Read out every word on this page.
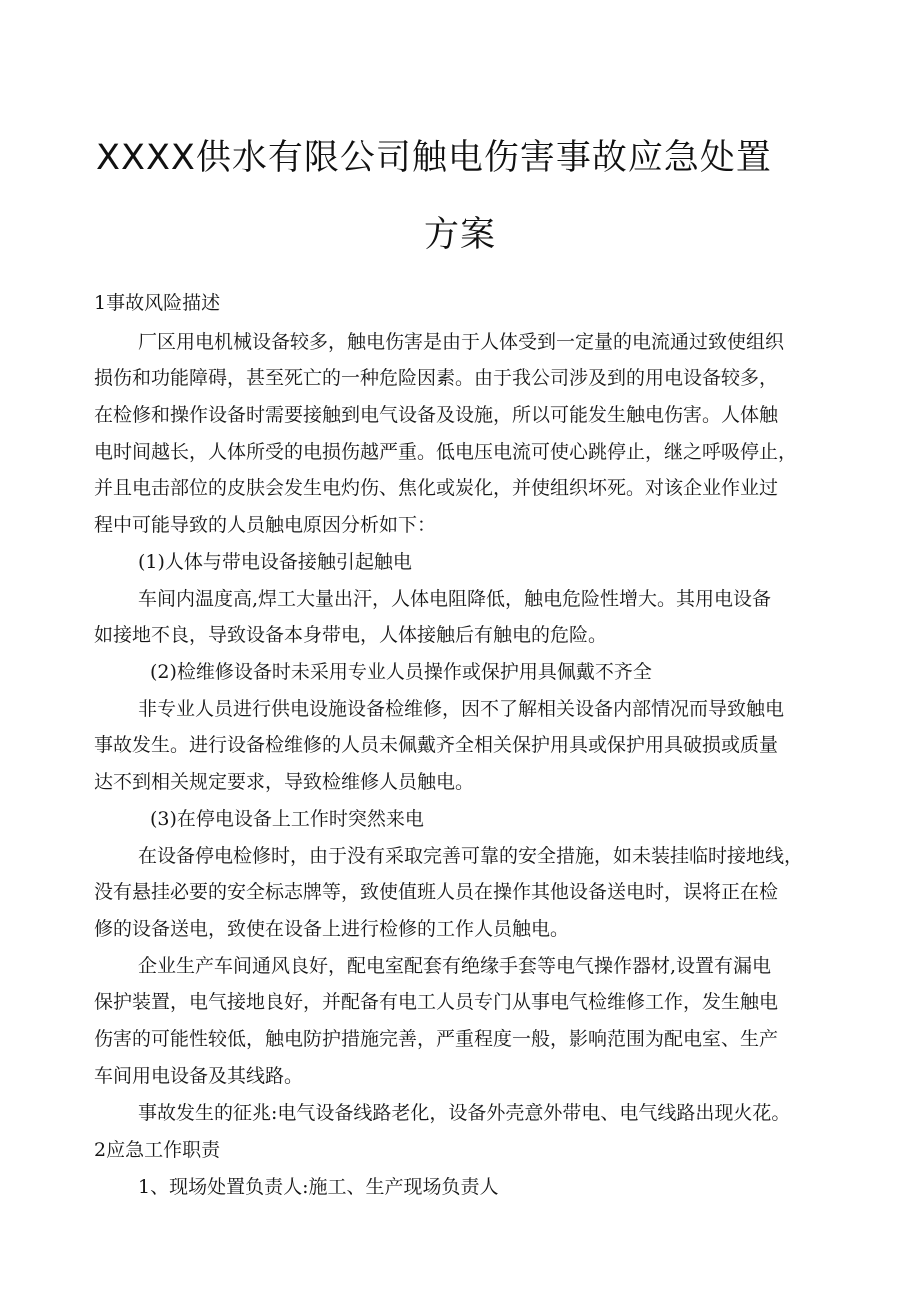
XXXX供水有限公司触电伤害事故应急处置
方案
1事故风险描述
厂区用电机械设备较多，触电伤害是由于人体受到一定量的电流通过致使组织
损伤和功能障碍，甚至死亡的一种危险因素。由于我公司涉及到的用电设备较多，
在检修和操作设备时需要接触到电气设备及设施，所以可能发生触电伤害。人体触
电时间越长，人体所受的电损伤越严重。低电压电流可使心跳停止，继之呼吸停止，
并且电击部位的皮肤会发生电灼伤、焦化或炭化，并使组织坏死。对该企业作业过
程中可能导致的人员触电原因分析如下：
(1)人体与带电设备接触引起触电
车间内温度高,焊工大量出汗，人体电阻降低，触电危险性增大。其用电设备
如接地不良，导致设备本身带电，人体接触后有触电的危险。
(2)检维修设备时未采用专业人员操作或保护用具佩戴不齐全
非专业人员进行供电设施设备检维修，因不了解相关设备内部情况而导致触电
事故发生。进行设备检维修的人员未佩戴齐全相关保护用具或保护用具破损或质量
达不到相关规定要求，导致检维修人员触电。
(3)在停电设备上工作时突然来电
在设备停电检修时，由于没有采取完善可靠的安全措施，如未装挂临时接地线，
没有悬挂必要的安全标志牌等，致使值班人员在操作其他设备送电时，误将正在检
修的设备送电，致使在设备上进行检修的工作人员触电。
企业生产车间通风良好，配电室配套有绝缘手套等电气操作器材,设置有漏电
保护装置，电气接地良好，并配备有电工人员专门从事电气检维修工作，发生触电
伤害的可能性较低，触电防护措施完善，严重程度一般，影响范围为配电室、生产
车间用电设备及其线路。
事故发生的征兆:电气设备线路老化，设备外壳意外带电、电气线路出现火花。
2应急工作职责
1、现场处置负责人:施工、生产现场负责人
